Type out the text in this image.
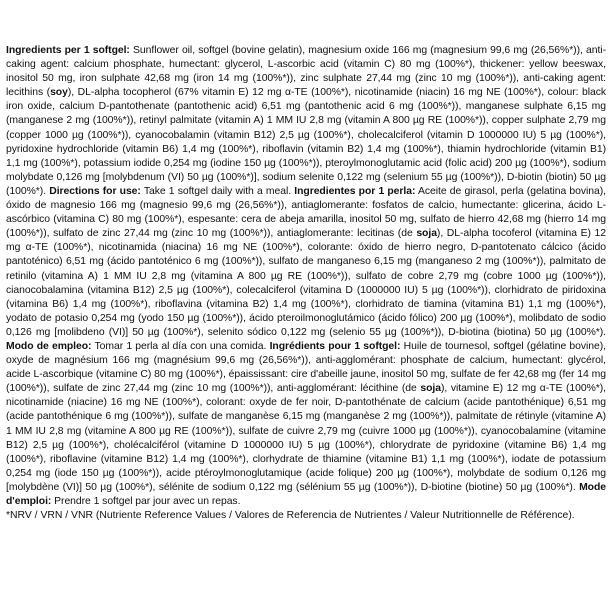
Ingredients per 1 softgel: Sunflower oil, softgel (bovine gelatin), magnesium oxide 166 mg (magnesium 99,6 mg (26,56%*)), anti-caking agent: calcium phosphate, humectant: glycerol, L-ascorbic acid (vitamin C) 80 mg (100%*), thickener: yellow beeswax, inositol 50 mg, iron sulphate 42,68 mg (iron 14 mg (100%*)), zinc sulphate 27,44 mg (zinc 10 mg (100%*)), anti-caking agent: lecithins (soy), DL-alpha tocopherol (67% vitamin E) 12 mg α-TE (100%*), nicotinamide (niacin) 16 mg NE (100%*), colour: black iron oxide, calcium D-pantothenate (pantothenic acid) 6,51 mg (pantothenic acid 6 mg (100%*)), manganese sulphate 6,15 mg (manganese 2 mg (100%*)), retinyl palmitate (vitamin A) 1 MM IU 2,8 mg (vitamin A 800 µg RE (100%*)), copper sulphate 2,79 mg (copper 1000 µg (100%*)), cyanocobalamin (vitamin B12) 2,5 µg (100%*), cholecalciferol (vitamin D 1000000 IU) 5 µg (100%*), pyridoxine hydrochloride (vitamin B6) 1,4 mg (100%*), riboflavin (vitamin B2) 1,4 mg (100%*), thiamin hydrochloride (vitamin B1) 1,1 mg (100%*), potassium iodide 0,254 mg (iodine 150 µg (100%*)), pteroylmonoglutamic acid (folic acid) 200 µg (100%*), sodium molybdate 0,126 mg [molybdenum (VI) 50 µg (100%*)], sodium selenite 0,122 mg (selenium 55 µg (100%*)), D-biotin (biotin) 50 µg (100%*). Directions for use: Take 1 softgel daily with a meal. Ingredientes por 1 perla: Aceite de girasol, perla (gelatina bovina), óxido de magnesio 166 mg (magnesio 99,6 mg (26,56%*)), antiaglomerante: fosfatos de calcio, humectante: glicerina, ácido L-ascórbico (vitamina C) 80 mg (100%*), espesante: cera de abeja amarilla, inositol 50 mg, sulfato de hierro 42,68 mg (hierro 14 mg (100%*)), sulfato de zinc 27,44 mg (zinc 10 mg (100%*)), antiaglomerante: lecitinas (de soja), DL-alpha tocoferol (vitamina E) 12 mg α-TE (100%*), nicotinamida (niacina) 16 mg NE (100%*), colorante: óxido de hierro negro, D-pantotenato cálcico (ácido pantoténico) 6,51 mg (ácido pantoténico 6 mg (100%*)), sulfato de manganeso 6,15 mg (manganeso 2 mg (100%*)), palmitato de retinilo (vitamina A) 1 MM IU 2,8 mg (vitamina A 800 µg RE (100%*)), sulfato de cobre 2,79 mg (cobre 1000 µg (100%*)), cianocobalamina (vitamina B12) 2,5 µg (100%*), colecalciferol (vitamina D (1000000 IU) 5 µg (100%*)), clorhidrato de piridoxina (vitamina B6) 1,4 mg (100%*), riboflavina (vitamina B2) 1,4 mg (100%*), clorhidrato de tiamina (vitamina B1) 1,1 mg (100%*), yodato de potasio 0,254 mg (yodo 150 µg (100%*)), ácido pteroilmonoglutámico (ácido fólico) 200 µg (100%*), molibdato de sodio 0,126 mg [molibdeno (VI)] 50 µg (100%*), selenito sódico 0,122 mg (selenio 55 µg (100%*)), D-biotina (biotina) 50 µg (100%*). Modo de empleo: Tomar 1 perla al día con una comida. Ingrédients pour 1 softgel: Huile de tournesol, softgel (gélatine bovine), oxyde de magnésium 166 mg (magnésium 99,6 mg (26,56%*)), anti-agglomérant: phosphate de calcium, humectant: glycérol, acide L-ascorbique (vitamine C) 80 mg (100%*), épaississant: cire d'abeille jaune, inositol 50 mg, sulfate de fer 42,68 mg (fer 14 mg (100%*)), sulfate de zinc 27,44 mg (zinc 10 mg (100%*)), anti-agglomérant: lécithine (de soja), vitamine E) 12 mg α-TE (100%*), nicotinamide (niacine) 16 mg NE (100%*), colorant: oxyde de fer noir, D-pantothénate de calcium (acide pantothénique) 6,51 mg (acide pantothénique 6 mg (100%*)), sulfate de manganèse 6,15 mg (manganèse 2 mg (100%*)), palmitate de rétinyle (vitamine A) 1 MM IU 2,8 mg (vitamine A 800 µg RE (100%*)), sulfate de cuivre 2,79 mg (cuivre 1000 µg (100%*)), cyanocobalamine (vitamine B12) 2,5 µg (100%*), cholécalciférol (vitamine D 1000000 IU) 5 µg (100%*), chlorydrate de pyridoxine (vitamine B6) 1,4 mg (100%*), riboflavine (vitamine B12) 1,4 mg (100%*), clorhydrate de thiamine (vitamine B1) 1,1 mg (100%*), iodate de potassium 0,254 mg (iode 150 µg (100%*)), acide ptéroylmonoglutamique (acide folique) 200 µg (100%*), molybdate de sodium 0,126 mg [molybdène (VI)] 50 µg (100%*), sélénite de sodium 0,122 mg (sélénium 55 µg (100%*)), D-biotine (biotine) 50 µg (100%*). Mode d'emploi: Prendre 1 softgel par jour avec un repas.

*NRV / VRN / VNR (Nutriente Reference Values / Valores de Referencia de Nutrientes / Valeur Nutritionnelle de Référence).
